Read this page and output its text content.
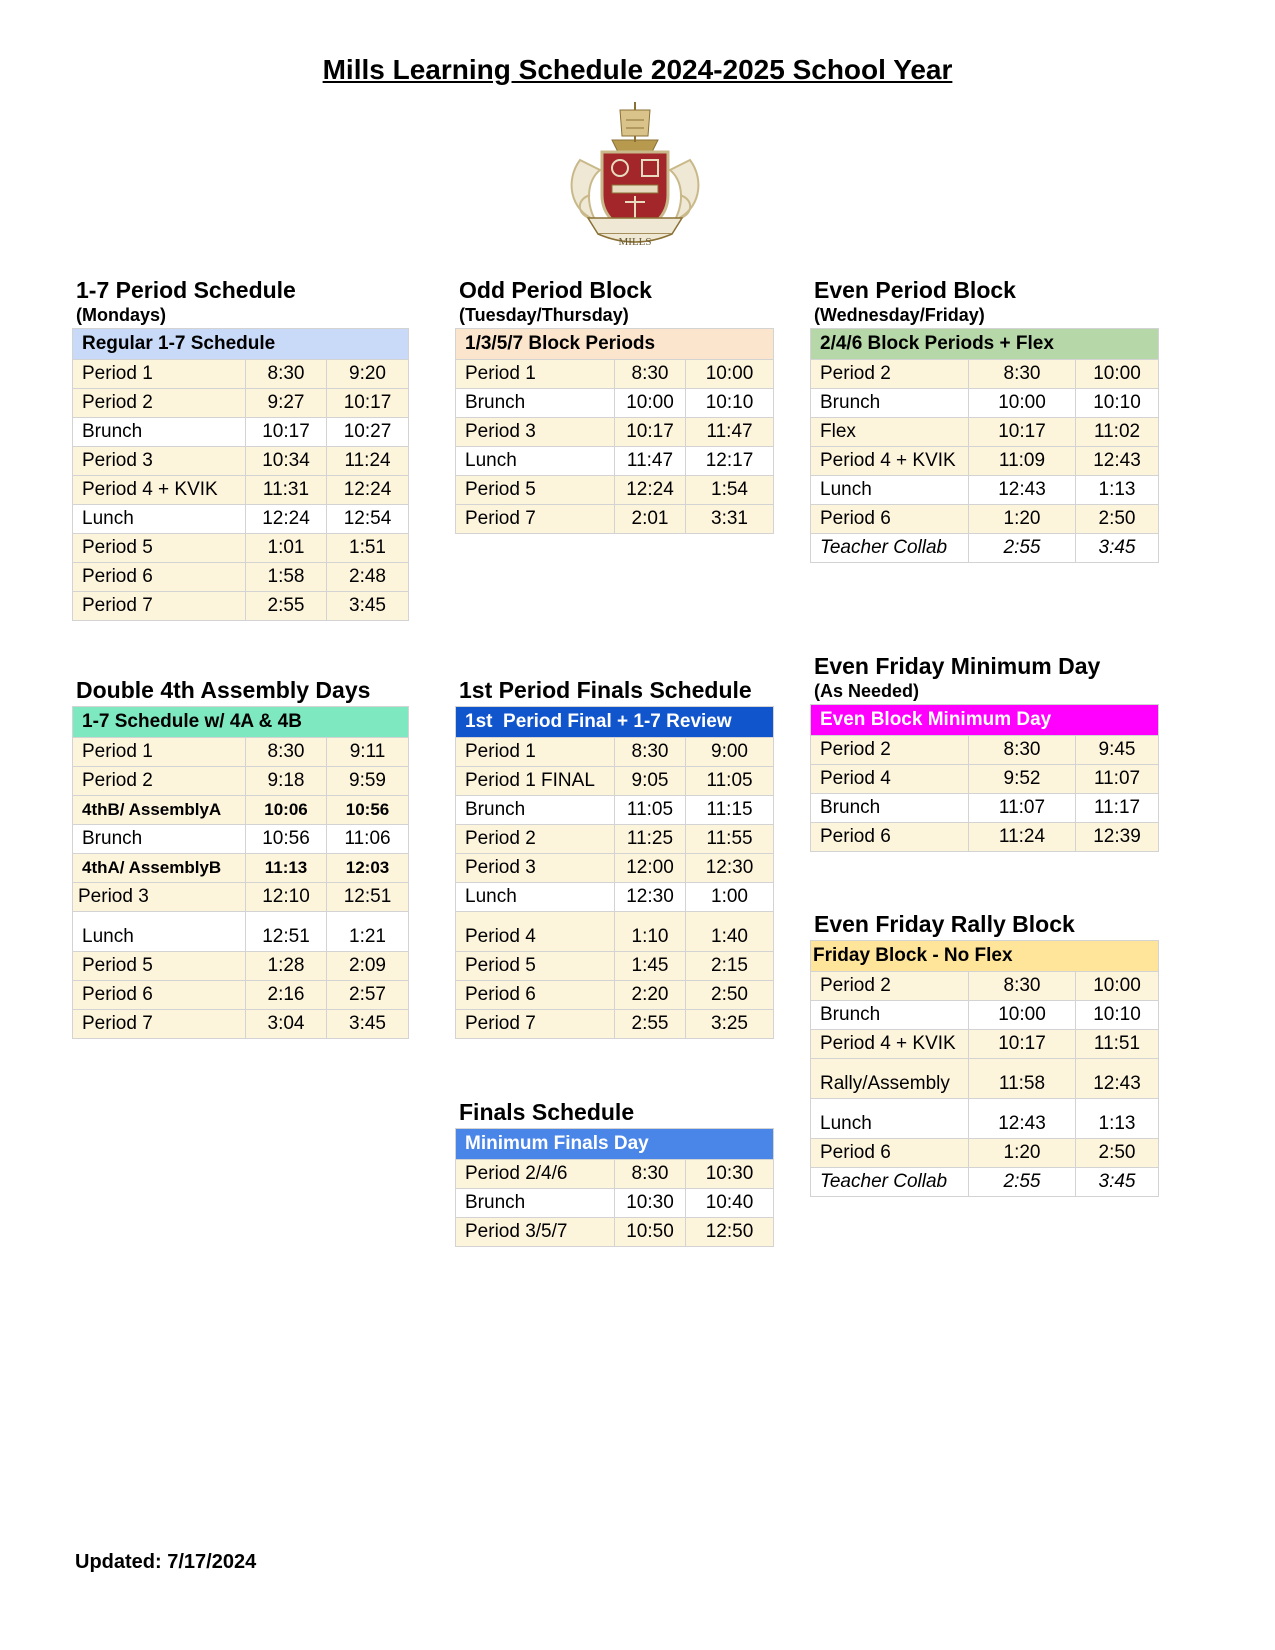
Mills Learning Schedule 2024-2025 School Year
MILLS
1-7 Period Schedule
(Mondays)
Regular 1-7 Schedule		
Period 1	8:30	9:20
Period 2	9:27	10:17
Brunch	10:17	10:27
Period 3	10:34	11:24
Period 4 + KVIK	11:31	12:24
Lunch	12:24	12:54
Period 5	1:01	1:51
Period 6	1:58	2:48
Period 7	2:55	3:45
Odd Period Block
(Tuesday/Thursday)
1/3/5/7 Block Periods		
Period 1	8:30	10:00
Brunch	10:00	10:10
Period 3	10:17	11:47
Lunch	11:47	12:17
Period 5	12:24	1:54
Period 7	2:01	3:31
Even Period Block
(Wednesday/Friday)
2/4/6 Block Periods + Flex		
Period 2	8:30	10:00
Brunch	10:00	10:10
Flex	10:17	11:02
Period 4 + KVIK	11:09	12:43
Lunch	12:43	1:13
Period 6	1:20	2:50
Teacher Collab	2:55	3:45
Double 4th Assembly Days
1-7 Schedule w/ 4A & 4B		
Period 1	8:30	9:11
Period 2	9:18	9:59
4thB/ AssemblyA	10:06	10:56
Brunch	10:56	11:06
4thA/ AssemblyB	11:13	12:03
Period 3	12:10	12:51
Lunch	12:51	1:21
Period 5	1:28	2:09
Period 6	2:16	2:57
Period 7	3:04	3:45
1st Period Finals Schedule
1st  Period Final + 1-7 Review		
Period 1	8:30	9:00
Period 1 FINAL	9:05	11:05
Brunch	11:05	11:15
Period 2	11:25	11:55
Period 3	12:00	12:30
Lunch	12:30	1:00
Period 4	1:10	1:40
Period 5	1:45	2:15
Period 6	2:20	2:50
Period 7	2:55	3:25
Finals Schedule
Minimum Finals Day		
Period 2/4/6	8:30	10:30
Brunch	10:30	10:40
Period 3/5/7	10:50	12:50
Even Friday Minimum Day
(As Needed)
Even Block Minimum Day		
Period 2	8:30	9:45
Period 4	9:52	11:07
Brunch	11:07	11:17
Period 6	11:24	12:39
Even Friday Rally Block
Friday Block - No Flex		
Period 2	8:30	10:00
Brunch	10:00	10:10
Period 4 + KVIK	10:17	11:51
Rally/Assembly	11:58	12:43
Lunch	12:43	1:13
Period 6	1:20	2:50
Teacher Collab	2:55	3:45
Updated: 7/17/2024
